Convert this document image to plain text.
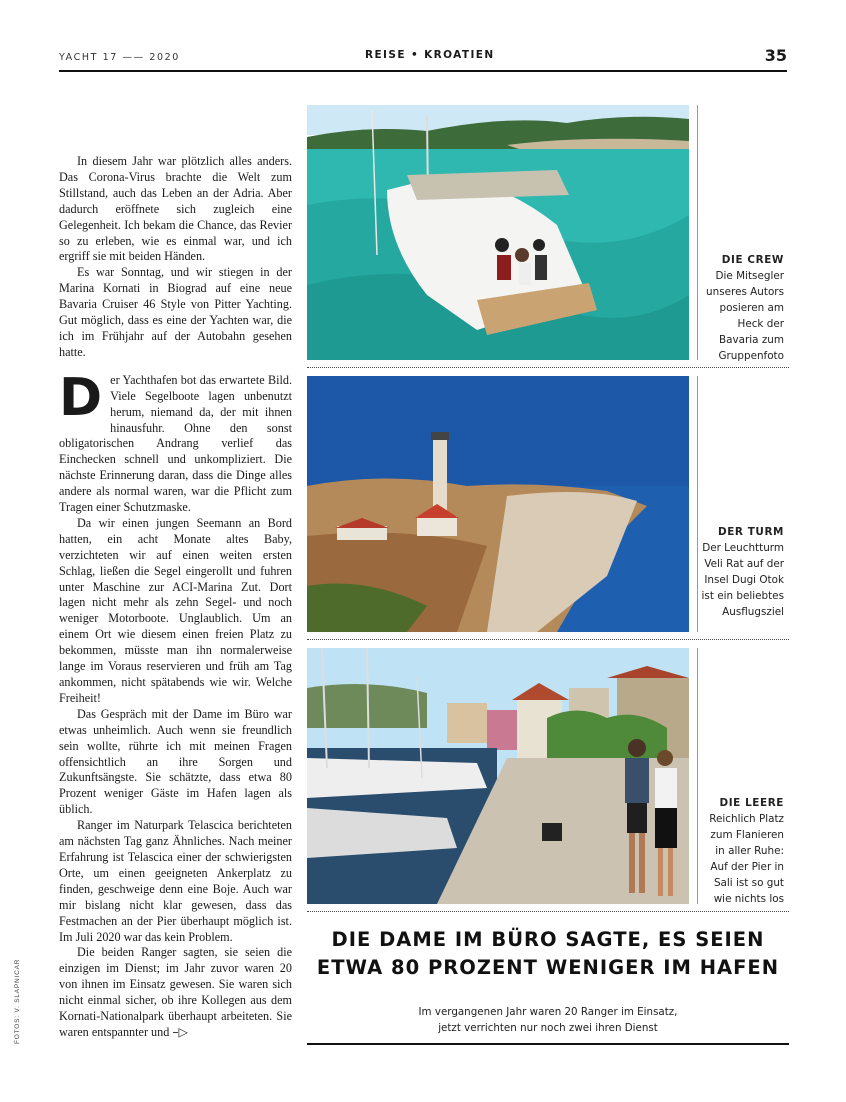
YACHT 17 —— 2020	REISE • KROATIEN	35

In diesem Jahr war plötzlich alles anders. Das Corona-Virus brachte die Welt zum Stillstand, auch das Leben an der Adria. Aber dadurch eröffnete sich zugleich eine Gelegenheit. Ich bekam die Chance, das Revier so zu erleben, wie es einmal war, und ich ergriff sie mit beiden Händen.

Es war Sonntag, und wir stiegen in der Marina Kornati in Biograd auf eine neue Bavaria Cruiser 46 Style von Pitter Yachting. Gut möglich, dass es eine der Yachten war, die ich im Frühjahr auf der Autobahn gesehen hatte.

Der Yachthafen bot das erwartete Bild. Viele Segelboote lagen unbenutzt herum, niemand da, der mit ihnen hinausfuhr. Ohne den sonst obligatorischen Andrang verlief das Einchecken schnell und unkompliziert. Die nächste Erinnerung daran, dass die Dinge alles andere als normal waren, war die Pflicht zum Tragen einer Schutzmaske.

Da wir einen jungen Seemann an Bord hatten, ein acht Monate altes Baby, verzichteten wir auf einen weiten ersten Schlag, ließen die Segel eingerollt und fuhren unter Maschine zur ACI-Marina Zut. Dort lagen nicht mehr als zehn Segel- und noch weniger Motorboote. Unglaublich. Um an einem Ort wie diesem einen freien Platz zu bekommen, müsste man ihn normalerweise lange im Voraus reservieren und früh am Tag ankommen, nicht spätabends wie wir. Welche Freiheit!

Das Gespräch mit der Dame im Büro war etwas unheimlich. Auch wenn sie freundlich sein wollte, rührte ich mit meinen Fragen offensichtlich an ihre Sorgen und Zukunftsängste. Sie schätzte, dass etwa 80 Prozent weniger Gäste im Hafen lagen als üblich.

Ranger im Naturpark Telascica berichteten am nächsten Tag ganz Ähnliches. Nach meiner Erfahrung ist Telascica einer der schwierigsten Orte, um einen geeigneten Ankerplatz zu finden, geschweige denn eine Boje. Auch war mir bislang nicht klar gewesen, dass das Festmachen an der Pier überhaupt möglich ist. Im Juli 2020 war das kein Problem.

Die beiden Ranger sagten, sie seien die einzigen im Dienst; im Jahr zuvor waren 20 von ihnen im Einsatz gewesen. Sie waren sich nicht einmal sicher, ob ihre Kollegen aus dem Kornati-Nationalpark überhaupt arbeiteten. Sie waren entspannter und –▷

DIE CREW
Die Mitsegler unseres Autors posieren am Heck der Bavaria zum Gruppenfoto
DER TURM
Der Leuchtturm Veli Rat auf der Insel Dugi Otok ist ein beliebtes Ausflugsziel
DIE LEERE
Reichlich Platz zum Flanieren in aller Ruhe: Auf der Pier in Sali ist so gut wie nichts los
DIE DAME IM BÜRO SAGTE, ES SEIEN ETWA 80 PROZENT WENIGER IM HAFEN
Im vergangenen Jahr waren 20 Ranger im Einsatz,
jetzt verrichten nur noch zwei ihren Dienst
FOTOS: V. SLAPNICAR
